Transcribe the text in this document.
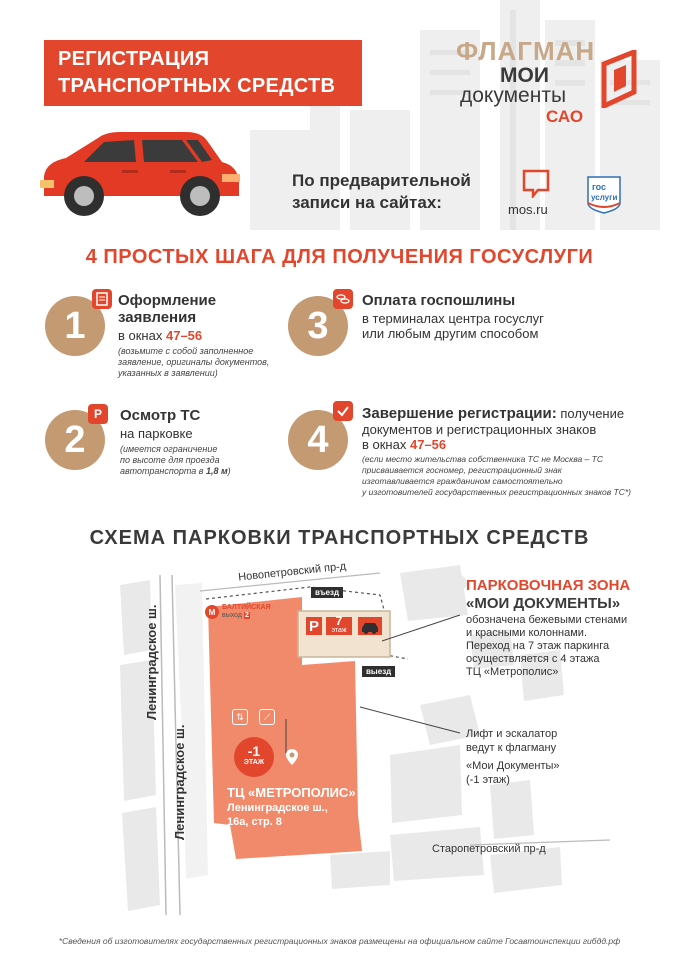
РЕГИСТРАЦИЯ
ТРАНСПОРТНЫХ СРЕДСТВ
ФЛАГМАН
МОИ
документы
САО
По предварительной
записи на сайтах:	mos.ru
гос
услуги
4 ПРОСТЫХ ШАГА ДЛЯ ПОЛУЧЕНИЯ ГОСУСЛУГИ
1
Оформление
заявления
в окнах 47–56
(возьмите с собой заполненное
заявление, оригиналы документов,
указанных в заявлении)
2
P	Осмотр ТС
на парковке
(имеется ограничение
по высоте для проезда
автотранспорта в 1,8 м)
3
Оплата госпошлины
в терминалах центра госуслуг
или любым другим способом
4
Завершение регистрации: получение
документов и регистрационных знаков
в окнах 47–56
(если место жительства собственника ТС не Москва – ТС
присваивается госномер, регистрационный знак
изготавливается гражданином самостоятельно
у изготовителей государственных регистрационных знаков ТС*)
СХЕМА ПАРКОВКИ ТРАНСПОРТНЫХ СРЕДСТВ
Новопетровский пр-д
Ленинградское ш.
Ленинградское ш.
Старопетровский пр-д
М БАЛТИЙСКАЯ
выход 2
въезд
выезд
P	7
этаж
⇅	⟋
-1
ЭТАЖ
ТЦ «МЕТРОПОЛИС»
Ленинградское ш.,
16а, стр. 8
ПАРКОВОЧНАЯ ЗОНА
«МОИ ДОКУМЕНТЫ»
обозначена бежевыми стенами
и красными колоннами.
Переход на 7 этаж паркинга
осуществляется с 4 этажа
ТЦ «Метрополис»
Лифт и эскалатор
ведут к флагману
«Мои Документы»
(-1 этаж)
*Сведения об изготовителях государственных регистрационных знаков размещены на официальном сайте Госавтоинспекции гибдд.рф
